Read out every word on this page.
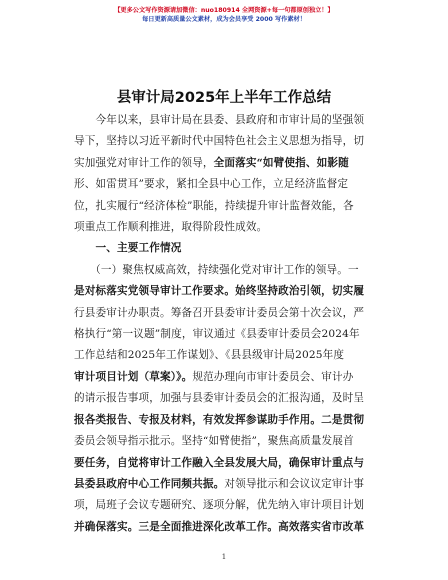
【更多公文写作资源请加微信：nuo180914 全网资源+每一句都原创独立！】
每日更新高质量公文素材，成为会员享受 2000 写作素材！
县审计局2025年上半年工作总结
　　今年以来，县审计局在县委、县政府和市审计局的坚强领
导下，坚持以习近平新时代中国特色社会主义思想为指导，切
实加强党对审计工作的领导，全面落实“如臂使指、如影随
形、如雷贯耳”要求，紧扣全县中心工作，立足经济监督定
位，扎实履行“经济体检”职能，持续提升审计监督效能，各
项重点工作顺利推进，取得阶段性成效。
　　一、主要工作情况
　　（一）聚焦权威高效，持续强化党对审计工作的领导。一
是对标落实党领导审计工作要求。始终坚持政治引领，切实履
行县委审计办职责。筹备召开县委审计委员会第十次会议，严
格执行“第一议题”制度，审议通过《县委审计委员会2024年
工作总结和2025年工作谋划》、《县县级审计局2025年度
审计项目计划（草案）》。规范办理向市审计委员会、审计办
的请示报告事项，加强与县委审计委员会的汇报沟通，及时呈
报各类报告、专报及材料，有效发挥参谋助手作用。二是贯彻
委员会领导指示批示。坚持“如臂使指”，聚焦高质量发展首
要任务，自觉将审计工作融入全县发展大局，确保审计重点与
县委县政府中心工作同频共振。对领导批示和会议议定审计事
项，局班子会议专题研究、逐项分解，优先纳入审计项目计划
并确保落实。三是全面推进深化改革工作。高效落实省市改革
1
